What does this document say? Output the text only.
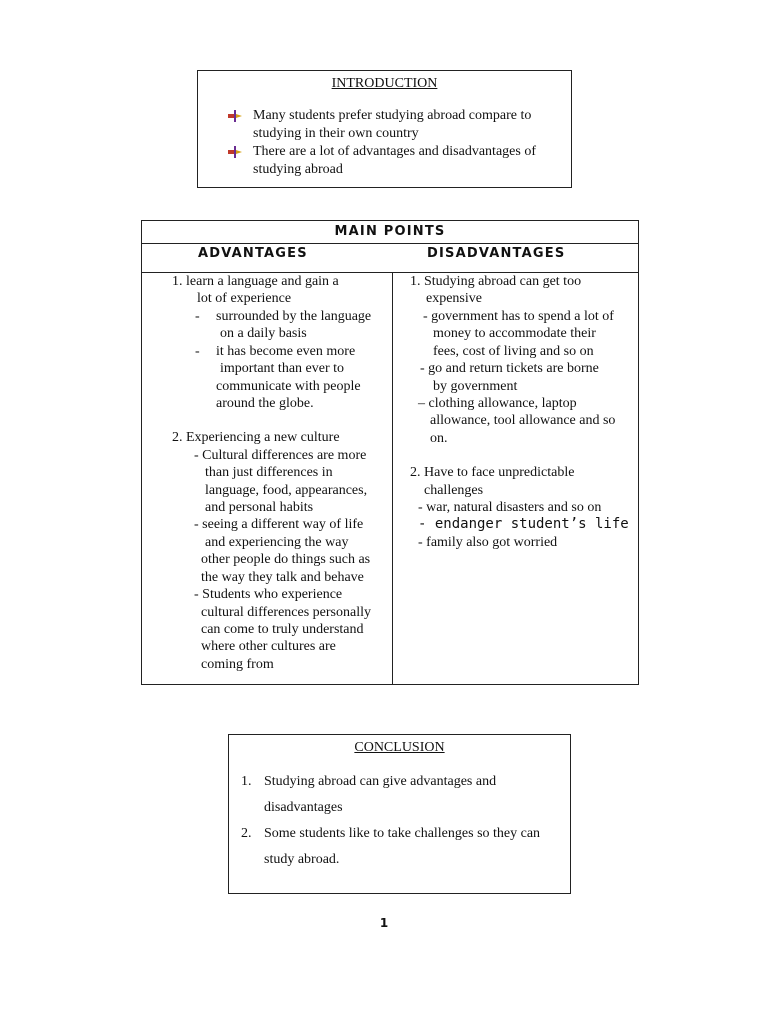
INTRODUCTION
Many students prefer studying abroad compare to
studying in their own country
There are a lot of advantages and disadvantages of
studying abroad
MAIN POINTS
ADVANTAGES	DISADVANTAGES
1. learn a language and gain a
lot of experience
- surrounded by the language
on a daily basis
- it has become even more
important than ever to
communicate with people
around the globe.
2. Experiencing a new culture
- Cultural differences are more
than just differences in
language, food, appearances,
and personal habits
- seeing a different way of life
and experiencing the way
other people do things such as
the way they talk and behave
- Students who experience
cultural differences personally
can come to truly understand
where other cultures are
coming from
1. Studying abroad can get too
expensive
- government has to spend a lot of
money to accommodate their
fees, cost of living and so on
- go and return tickets are borne
by government
– clothing allowance, laptop
allowance, tool allowance and so
on.
2. Have to face unpredictable
challenges
- war, natural disasters and so on
- endanger student’s life
- family also got worried
CONCLUSION
1. Studying abroad can give advantages and
disadvantages
2. Some students like to take challenges so they can
study abroad.
1
